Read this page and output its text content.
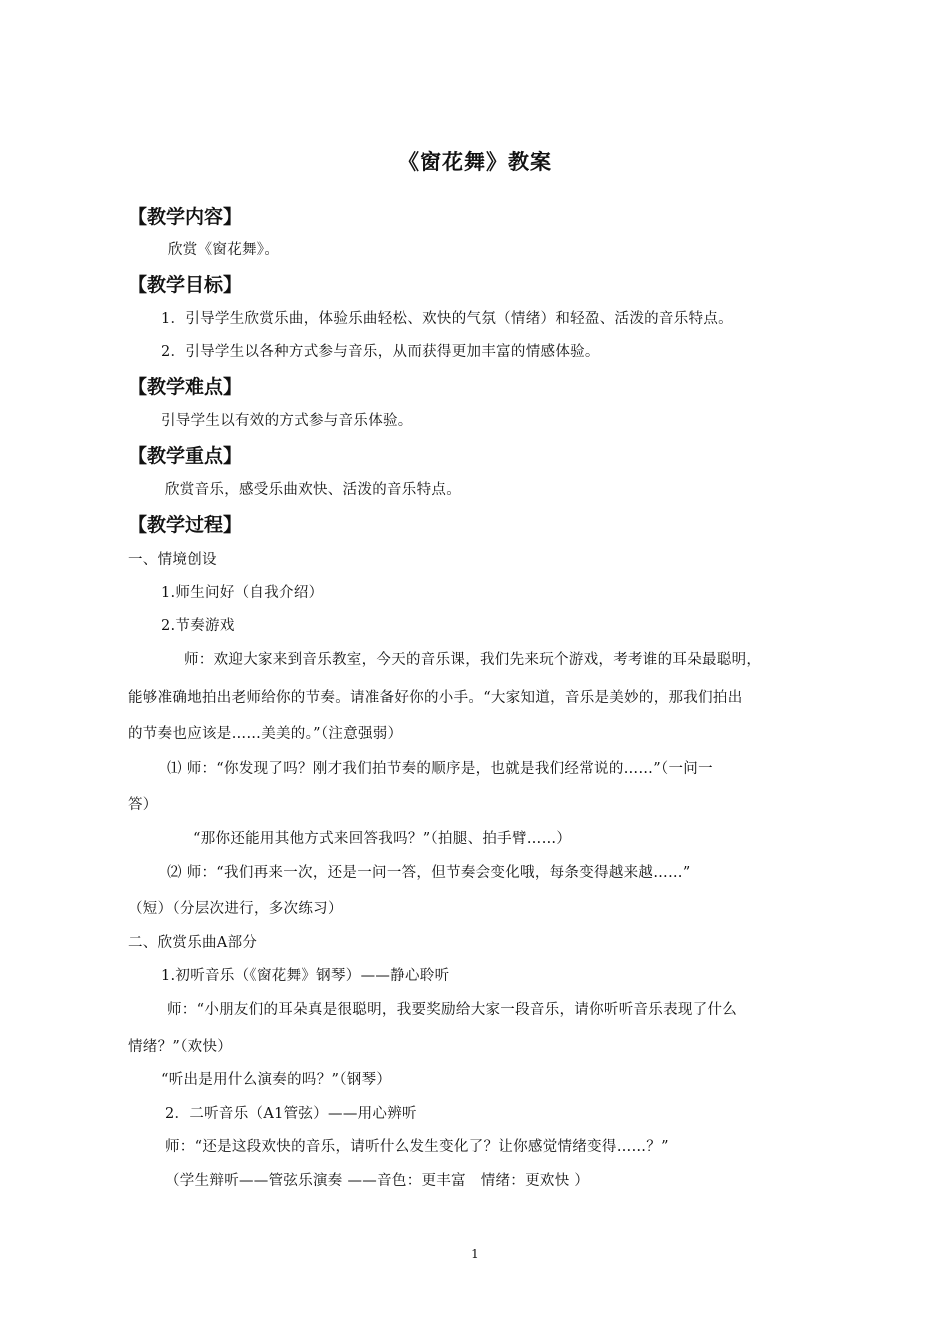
《窗花舞》教案
【教学内容】
欣赏《窗花舞》。
【教学目标】
1．引导学生欣赏乐曲，体验乐曲轻松、欢快的气氛（情绪）和轻盈、活泼的音乐特点。
2．引导学生以各种方式参与音乐，从而获得更加丰富的情感体验。
【教学难点】
引导学生以有效的方式参与音乐体验。
【教学重点】
欣赏音乐，感受乐曲欢快、活泼的音乐特点。
【教学过程】
一、情境创设
1.师生问好（自我介绍）
2.节奏游戏
师：欢迎大家来到音乐教室，今天的音乐课，我们先来玩个游戏，考考谁的耳朵最聪明，
能够准确地拍出老师给你的节奏。请准备好你的小手。“大家知道，音乐是美妙的，那我们拍出
的节奏也应该是……美美的。”（注意强弱）
⑴ 师：“你发现了吗？刚才我们拍节奏的顺序是，也就是我们经常说的……”（一问一
答）
“那你还能用其他方式来回答我吗？”（拍腿、拍手臂……）
⑵ 师：“我们再来一次，还是一问一答，但节奏会变化哦，每条变得越来越……”
（短）（分层次进行，多次练习）
二、欣赏乐曲A部分
1.初听音乐（《窗花舞》钢琴）——静心聆听
师：“小朋友们的耳朵真是很聪明，我要奖励给大家一段音乐，请你听听音乐表现了什么
情绪？”（欢快）
“听出是用什么演奏的吗？”（钢琴）
2．二听音乐（A1管弦）——用心辨听
师：“还是这段欢快的音乐，请听什么发生变化了？让你感觉情绪变得……？”
（学生辩听——管弦乐演奏 ——音色：更丰富　情绪：更欢快 ）
1
